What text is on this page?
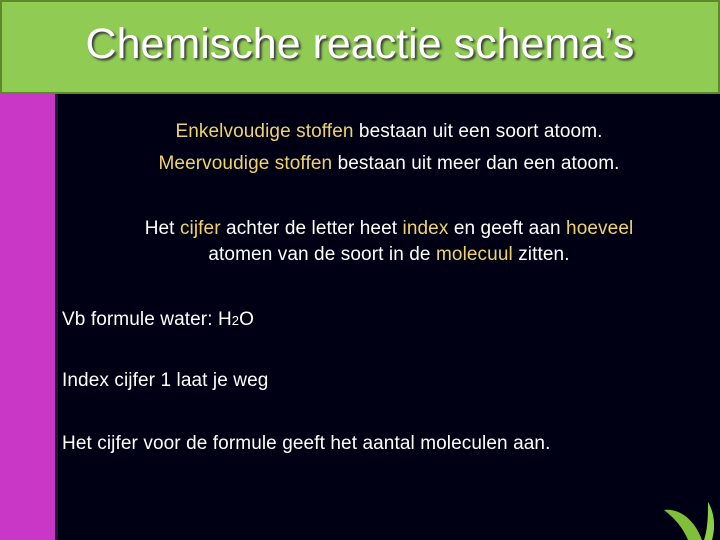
Chemische reactie schema’s
Enkelvoudige stoffen bestaan uit een soort atoom.
Meervoudige stoffen bestaan uit meer dan een atoom.
Het cijfer achter de letter heet index en geeft aan hoeveel
atomen van de soort in de molecuul zitten.
Vb formule water: H2O
Index cijfer 1 laat je weg
Het cijfer voor de formule geeft het aantal moleculen aan.
